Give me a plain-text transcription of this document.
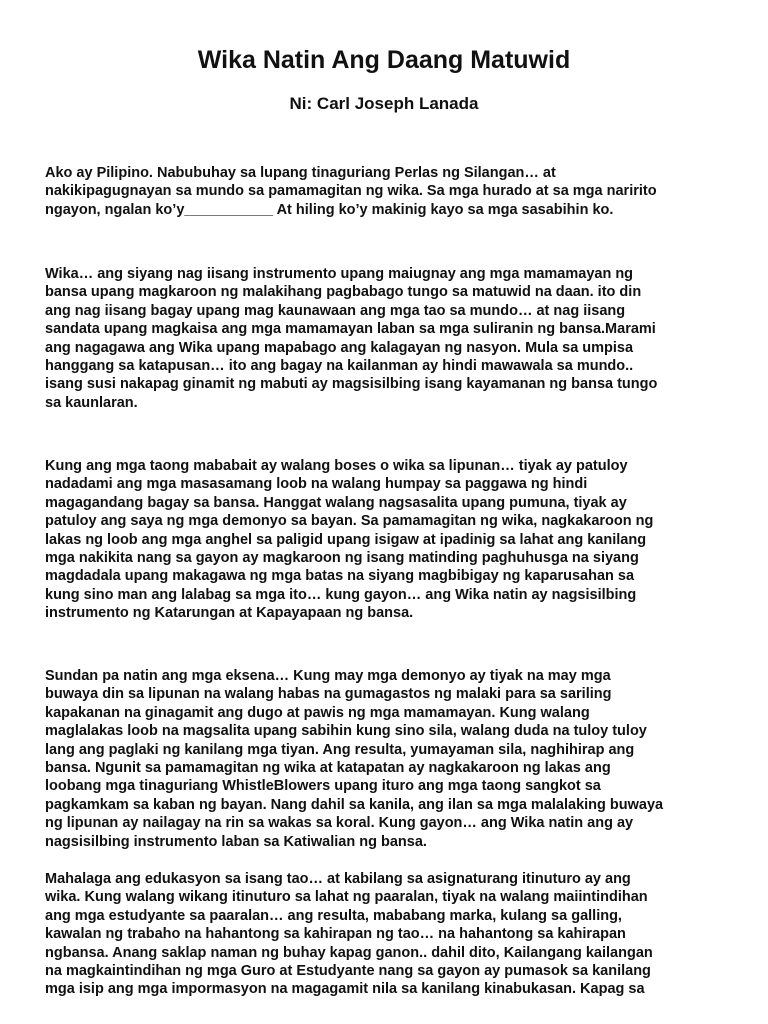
Wika Natin Ang Daang Matuwid
Ni: Carl Joseph Lanada
Ako ay Pilipino. Nabubuhay sa lupang tinaguriang Perlas ng Silangan… at
nakikipagugnayan sa mundo sa pamamagitan ng wika. Sa mga hurado at sa mga naririto
ngayon, ngalan ko’y___________ At hiling ko’y makinig kayo sa mga sasabihin ko.
Wika… ang siyang nag iisang instrumento upang maiugnay ang mga mamamayan ng
bansa upang magkaroon ng malakihang pagbabago tungo sa matuwid na daan. ito din
ang nag iisang bagay upang mag kaunawaan ang mga tao sa mundo… at nag iisang
sandata upang magkaisa ang mga mamamayan laban sa mga suliranin ng bansa.Marami
ang nagagawa ang Wika upang mapabago ang kalagayan ng nasyon. Mula sa umpisa
hanggang sa katapusan… ito ang bagay na kailanman ay hindi mawawala sa mundo..
isang susi nakapag ginamit ng mabuti ay magsisilbing isang kayamanan ng bansa tungo
sa kaunlaran.
Kung ang mga taong mababait ay walang boses o wika sa lipunan… tiyak ay patuloy
nadadami ang mga masasamang loob na walang humpay sa paggawa ng hindi
magagandang bagay sa bansa. Hanggat walang nagsasalita upang pumuna, tiyak ay
patuloy ang saya ng mga demonyo sa bayan. Sa pamamagitan ng wika, nagkakaroon ng
lakas ng loob ang mga anghel sa paligid upang isigaw at ipadinig sa lahat ang kanilang
mga nakikita nang sa gayon ay magkaroon ng isang matinding paghuhusga na siyang
magdadala upang makagawa ng mga batas na siyang magbibigay ng kaparusahan sa
kung sino man ang lalabag sa mga ito… kung gayon… ang Wika natin ay nagsisilbing
instrumento ng Katarungan at Kapayapaan ng bansa.
Sundan pa natin ang mga eksena… Kung may mga demonyo ay tiyak na may mga
buwaya din sa lipunan na walang habas na gumagastos ng malaki para sa sariling
kapakanan na ginagamit ang dugo at pawis ng mga mamamayan. Kung walang
maglalakas loob na magsalita upang sabihin kung sino sila, walang duda na tuloy tuloy
lang ang paglaki ng kanilang mga tiyan. Ang resulta, yumayaman sila, naghihirap ang
bansa. Ngunit sa pamamagitan ng wika at katapatan ay nagkakaroon ng lakas ang
loobang mga tinaguriang WhistleBlowers upang ituro ang mga taong sangkot sa
pagkamkam sa kaban ng bayan. Nang dahil sa kanila, ang ilan sa mga malalaking buwaya
ng lipunan ay nailagay na rin sa wakas sa koral. Kung gayon… ang Wika natin ang ay
nagsisilbing instrumento laban sa Katiwalian ng bansa.
Mahalaga ang edukasyon sa isang tao… at kabilang sa asignaturang itinuturo ay ang
wika. Kung walang wikang itinuturo sa lahat ng paaralan, tiyak na walang maiintindihan
ang mga estudyante sa paaralan… ang resulta, mababang marka, kulang sa galling,
kawalan ng trabaho na hahantong sa kahirapan ng tao… na hahantong sa kahirapan
ngbansa. Anang saklap naman ng buhay kapag ganon.. dahil dito, Kailangang kailangan
na magkaintindihan ng mga Guro at Estudyante nang sa gayon ay pumasok sa kanilang
mga isip ang mga impormasyon na magagamit nila sa kanilang kinabukasan. Kapag sa
